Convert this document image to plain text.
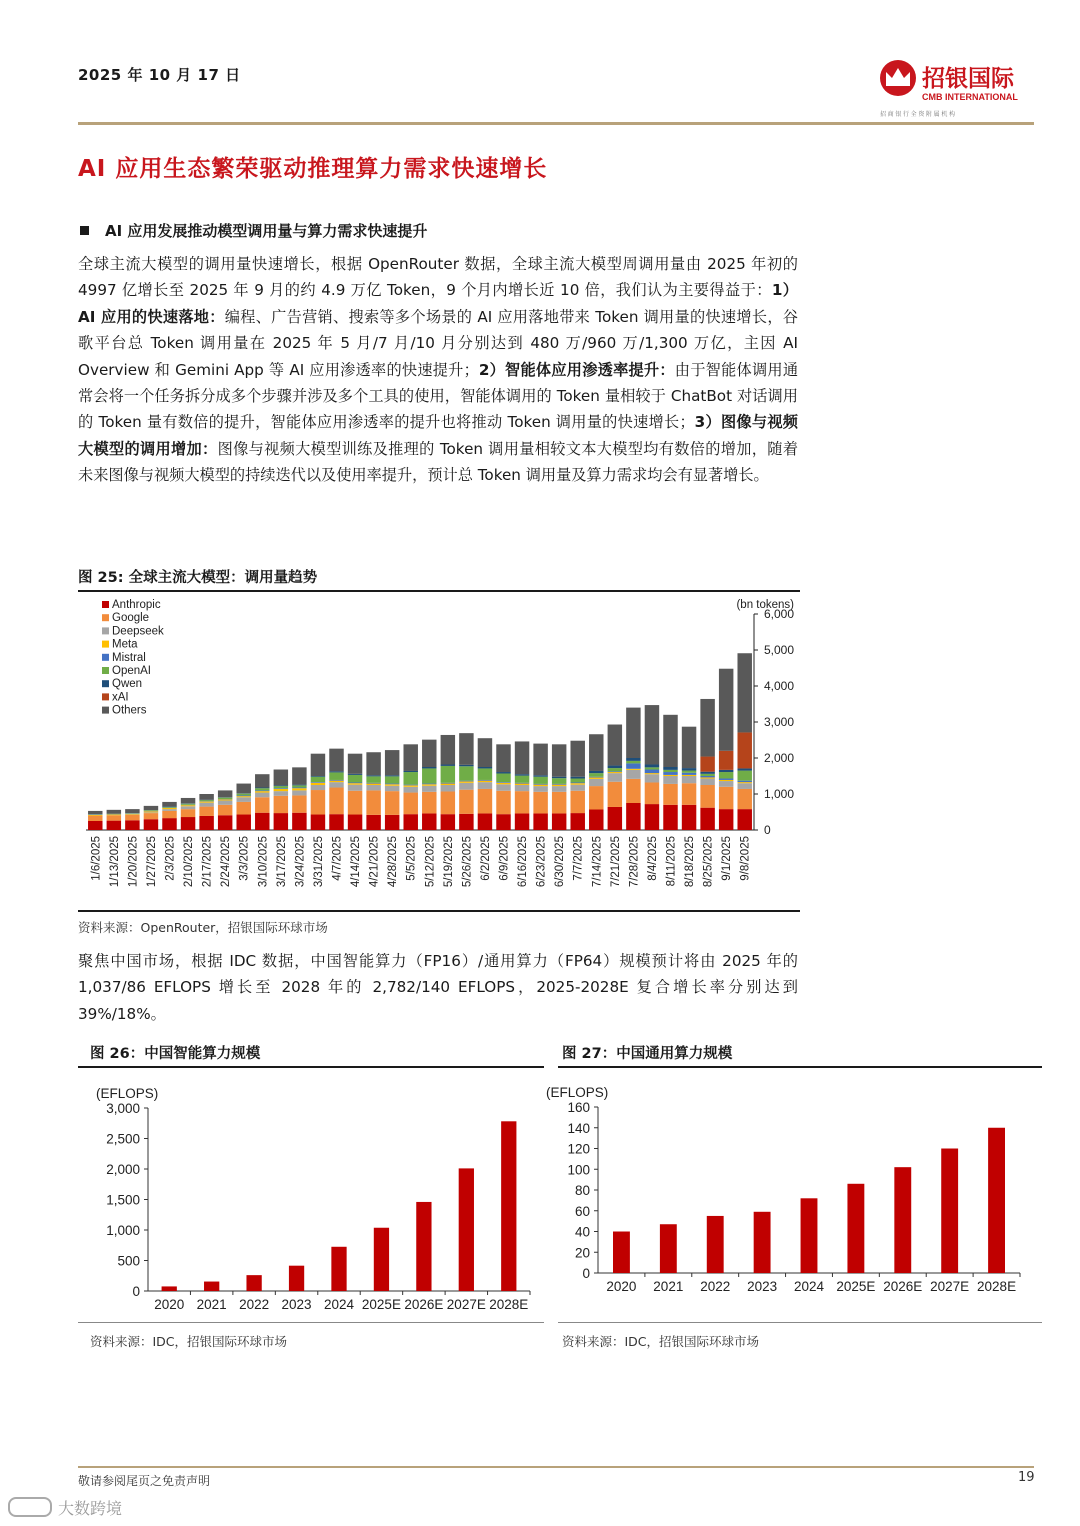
2025 年 10 月 17 日	招银国际
CMB INTERNATIONAL
招 商 银 行 全 资 附 属 机 构
AI 应用生态繁荣驱动推理算力需求快速增长
AI 应用发展推动模型调用量与算力需求快速提升
全球主流大模型的调用量快速增长，根据 OpenRouter 数据，全球主流大模型周调用量由 2025 年初的 4997 亿增长至 2025 年 9 月的约 4.9 万亿 Token，9 个月内增长近 10 倍，我们认为主要得益于：1）AI 应用的快速落地：编程、广告营销、搜索等多个场景的 AI 应用落地带来 Token 调用量的快速增长，谷歌平台总 Token 调用量在 2025 年 5 月/7 月/10 月分别达到 480 万/960 万/1,300 万亿，主因 AI Overview 和 Gemini App 等 AI 应用渗透率的快速提升；2）智能体应用渗透率提升：由于智能体调用通常会将一个任务拆分成多个步骤并涉及多个工具的使用，智能体调用的 Token 量相较于 ChatBot 对话调用的 Token 量有数倍的提升，智能体应用渗透率的提升也将推动 Token 调用量的快速增长；3）图像与视频大模型的调用增加：图像与视频大模型训练及推理的 Token 调用量相较文本大模型均有数倍的增加，随着未来图像与视频大模型的持续迭代以及使用率提升，预计总 Token 调用量及算力需求均会有显著增长。
图 25: 全球主流大模型：调用量趋势
0
1,000
2,000
3,000
4,000
5,000
6,000
(bn tokens)
1/6/2025 1/13/2025 1/20/2025 1/27/2025 2/3/2025 2/10/2025 2/17/2025 2/24/2025 3/3/2025 3/10/2025 3/17/2025 3/24/2025 3/31/2025 4/7/2025 4/14/2025 4/21/2025 4/28/2025 5/5/2025 5/12/2025 5/19/2025 5/26/2025 6/2/2025 6/9/2025 6/16/2025 6/23/2025 6/30/2025 7/7/2025 7/14/2025 7/21/2025 7/28/2025 8/4/2025 8/11/2025 8/18/2025 8/25/2025 9/1/2025 9/8/2025
Anthropic
Google
Deepseek
Meta
Mistral
OpenAI
Qwen
xAI
Others
资料来源：OpenRouter，招银国际环球市场
聚焦中国市场，根据 IDC 数据，中国智能算力（FP16）/通用算力（FP64）规模预计将由 2025 年的 1,037/86 EFLOPS 增长至 2028 年的 2,782/140 EFLOPS，2025-2028E 复合增长率分别达到 39%/18%。
图 26：中国智能算力规模
(EFLOPS)
0
500
1,000
1,500
2,000
2,500
3,000
2020 2021 2022 2023 2024 2025E 2026E 2027E 2028E
资料来源：IDC，招银国际环球市场
图 27：中国通用算力规模
(EFLOPS)
0
20
40
60
80
100
120
140
160
2020 2021 2022 2023 2024 2025E 2026E 2027E 2028E
资料来源：IDC，招银国际环球市场
敬请参阅尾页之免责声明	19
大数跨境
